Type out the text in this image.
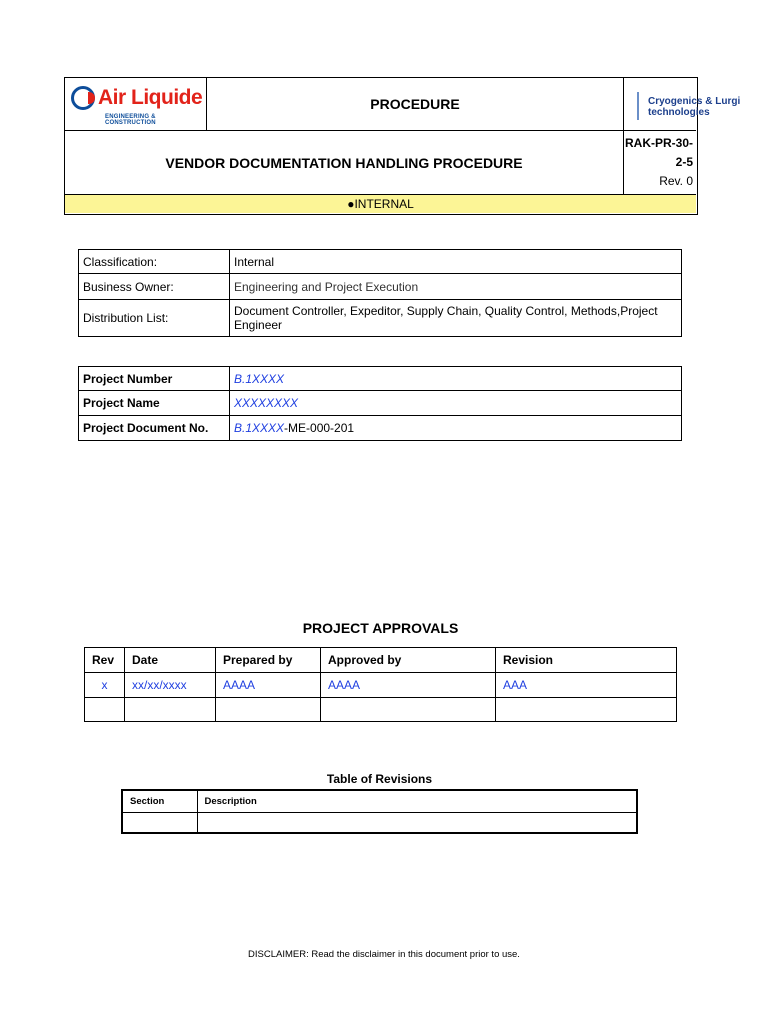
Air Liquide
ENGINEERING & CONSTRUCTION
PROCEDURE	Cryogenics & Lurgi
technologies
VENDOR DOCUMENTATION HANDLING PROCEDURE
RAK-PR-30-2-5
Rev. 0
●INTERNAL
Classification:	Internal
Business Owner:	Engineering and Project Execution
Distribution List:	Document Controller, Expeditor, Supply Chain, Quality Control, Methods,Project Engineer
Project Number	B.1XXXX
Project Name	XXXXXXXX
Project Document No.	B.1XXXX-ME-000-201
PROJECT APPROVALS
Rev	Date	Prepared by	Approved by	Revision
x	xx/xx/xxxx	AAAA	AAAA	AAA

Table of Revisions
Section	Description

DISCLAIMER: Read the disclaimer in this document prior to use.
